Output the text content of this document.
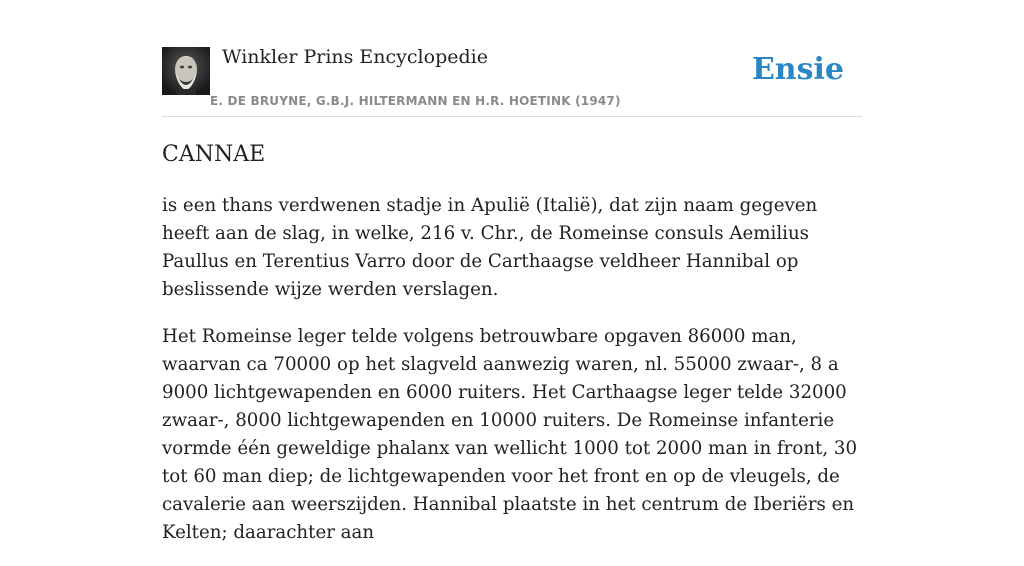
Winkler Prins Encyclopedie
E. DE BRUYNE, G.B.J. HILTERMANN EN H.R. HOETINK (1947)
Ensie
CANNAE

is een thans verdwenen stadje in Apulië (Italië), dat zijn naam gegeven heeft aan de slag, in welke, 216 v. Chr., de Romeinse consuls Aemilius Paullus en Terentius Varro door de Carthaagse veldheer Hannibal op beslissende wijze werden verslagen.

Het Romeinse leger telde volgens betrouwbare opgaven 86000 man, waarvan ca 70000 op het slagveld aanwezig waren, nl. 55000 zwaar-, 8 a 9000 lichtgewapenden en 6000 ruiters. Het Carthaagse leger telde 32000 zwaar-, 8000 lichtgewapenden en 10000 ruiters. De Romeinse infanterie vormde één geweldige phalanx van wellicht 1000 tot 2000 man in front, 30 tot 60 man diep; de lichtgewapenden voor het front en op de vleugels, de cavalerie aan weerszijden. Hannibal plaatste in het centrum de Iberiërs en Kelten; daarachter aan
